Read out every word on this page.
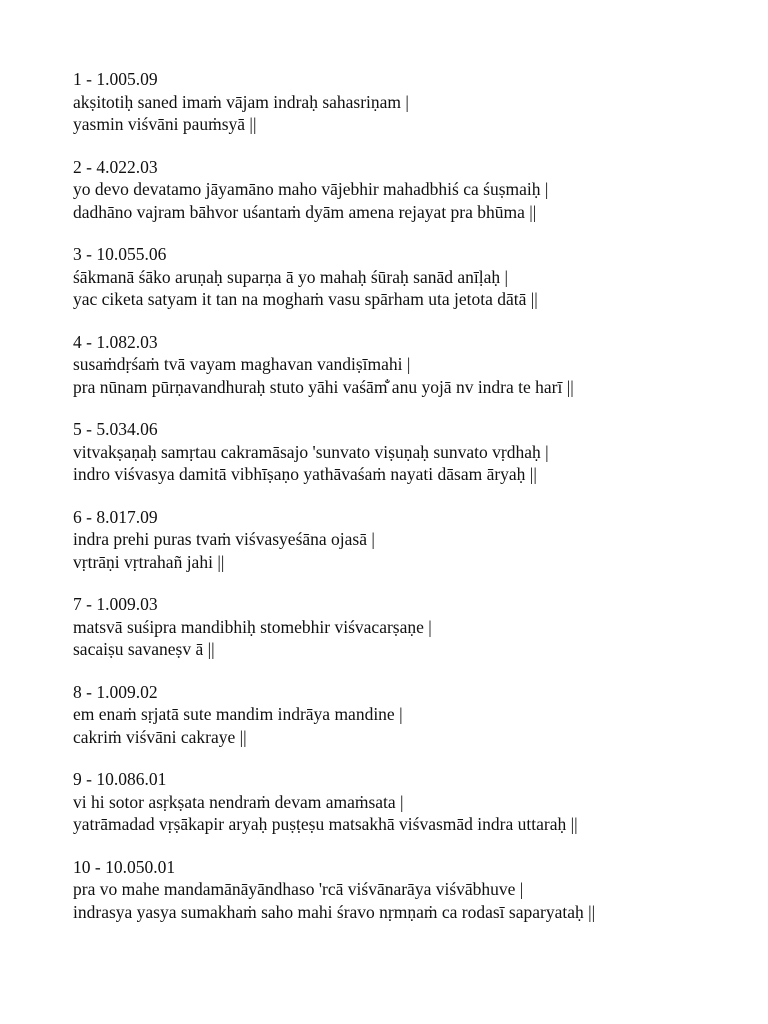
1 - 1.005.09
akṣitotiḥ saned imaṁ vājam indraḥ sahasriṇam |
yasmin viśvāni pauṁsyā ||
2 - 4.022.03
yo devo devatamo jāyamāno maho vājebhir mahadbhiś ca śuṣmaiḥ |
dadhāno vajram bāhvor uśantaṁ dyām amena rejayat pra bhūma ||
3 - 10.055.06
śākmanā śāko aruṇaḥ suparṇa ā yo mahaḥ śūraḥ sanād anīḷaḥ |
yac ciketa satyam it tan na moghaṁ vasu spārham uta jetota dātā ||
4 - 1.082.03
susaṁdṛśaṁ tvā vayam maghavan vandiṣīmahi |
pra nūnam pūrṇavandhuraḥ stuto yāhi vaśām̐ anu yojā nv indra te harī ||
5 - 5.034.06
vitvakṣaṇaḥ samṛtau cakramāsajo 'sunvato viṣuṇaḥ sunvato vṛdhaḥ |
indro viśvasya damitā vibhīṣaṇo yathāvaśaṁ nayati dāsam āryaḥ ||
6 - 8.017.09
indra prehi puras tvaṁ viśvasyeśāna ojasā |
vṛtrāṇi vṛtrahañ jahi ||
7 - 1.009.03
matsvā suśipra mandibhiḥ stomebhir viśvacarṣaṇe |
sacaiṣu savaneṣv ā ||
8 - 1.009.02
em enaṁ sṛjatā sute mandim indrāya mandine |
cakriṁ viśvāni cakraye ||
9 - 10.086.01
vi hi sotor asṛkṣata nendraṁ devam amaṁsata |
yatrāmadad vṛṣākapir aryaḥ puṣṭeṣu matsakhā viśvasmād indra uttaraḥ ||
10 - 10.050.01
pra vo mahe mandamānāyāndhaso 'rcā viśvānarāya viśvābhuve |
indrasya yasya sumakhaṁ saho mahi śravo nṛmṇaṁ ca rodasī saparyataḥ ||
